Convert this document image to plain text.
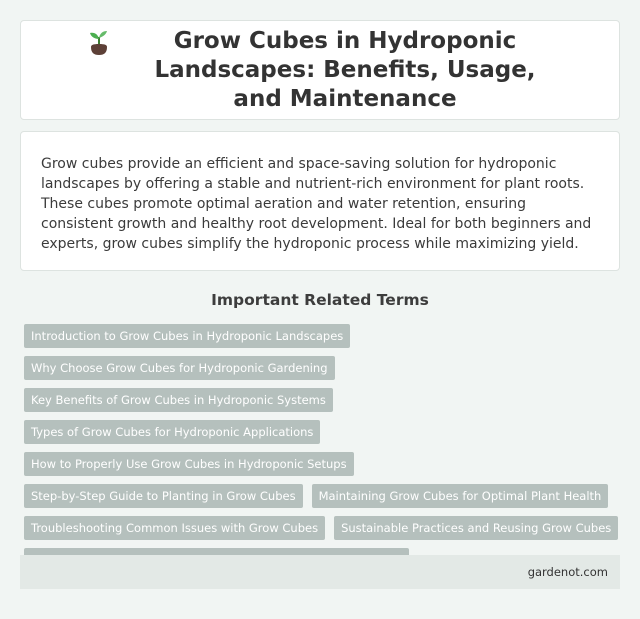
Grow Cubes in Hydroponic Landscapes: Benefits, Usage, and Maintenance

Grow cubes provide an efficient and space-saving solution for hydroponic landscapes by offering a stable and nutrient-rich environment for plant roots. These cubes promote optimal aeration and water retention, ensuring consistent growth and healthy root development. Ideal for both beginners and experts, grow cubes simplify the hydroponic process while maximizing yield.

Important Related Terms
Introduction to Grow Cubes in Hydroponic Landscapes
Why Choose Grow Cubes for Hydroponic Gardening
Key Benefits of Grow Cubes in Hydroponic Systems
Types of Grow Cubes for Hydroponic Applications
How to Properly Use Grow Cubes in Hydroponic Setups
Step-by-Step Guide to Planting in Grow Cubes	Maintaining Grow Cubes for Optimal Plant Health
Troubleshooting Common Issues with Grow Cubes	Sustainable Practices and Reusing Grow Cubes
gardenot.com
